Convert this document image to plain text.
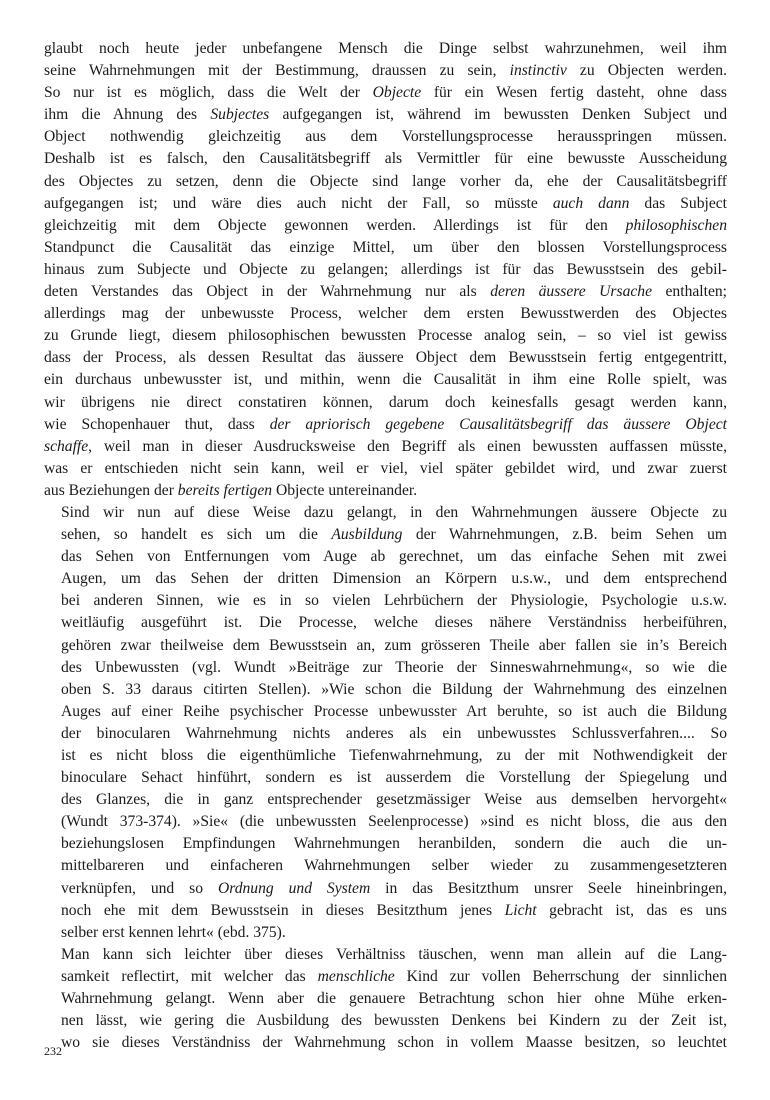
glaubt noch heute jeder unbefangene Mensch die Dinge selbst wahrzunehmen, weil ihm
seine Wahrnehmungen mit der Bestimmung, draussen zu sein, instinctiv zu Objecten werden.
So nur ist es möglich, dass die Welt der Objecte für ein Wesen fertig dasteht, ohne dass
ihm die Ahnung des Subjectes aufgegangen ist, während im bewussten Denken Subject und
Object nothwendig gleichzeitig aus dem Vorstellungsprocesse herausspringen müssen.
Deshalb ist es falsch, den Causalitätsbegriff als Vermittler für eine bewusste Ausscheidung
des Objectes zu setzen, denn die Objecte sind lange vorher da, ehe der Causalitätsbegriff
aufgegangen ist; und wäre dies auch nicht der Fall, so müsste auch dann das Subject
gleichzeitig mit dem Objecte gewonnen werden. Allerdings ist für den philosophischen
Standpunct die Causalität das einzige Mittel, um über den blossen Vorstellungsprocess
hinaus zum Subjecte und Objecte zu gelangen; allerdings ist für das Bewusstsein des gebil-
deten Verstandes das Object in der Wahrnehmung nur als deren äussere Ursache enthalten;
allerdings mag der unbewusste Process, welcher dem ersten Bewusstwerden des Objectes
zu Grunde liegt, diesem philosophischen bewussten Processe analog sein, – so viel ist gewiss
dass der Process, als dessen Resultat das äussere Object dem Bewusstsein fertig entgegentritt,
ein durchaus unbewusster ist, und mithin, wenn die Causalität in ihm eine Rolle spielt, was
wir übrigens nie direct constatiren können, darum doch keinesfalls gesagt werden kann,
wie Schopenhauer thut, dass der apriorisch gegebene Causalitätsbegriff das äussere Object
schaffe, weil man in dieser Ausdrucksweise den Begriff als einen bewussten auffassen müsste,
was er entschieden nicht sein kann, weil er viel, viel später gebildet wird, und zwar zuerst
aus Beziehungen der bereits fertigen Objecte untereinander.
Sind wir nun auf diese Weise dazu gelangt, in den Wahrnehmungen äussere Objecte zu
sehen, so handelt es sich um die Ausbildung der Wahrnehmungen, z.B. beim Sehen um
das Sehen von Entfernungen vom Auge ab gerechnet, um das einfache Sehen mit zwei
Augen, um das Sehen der dritten Dimension an Körpern u.s.w., und dem entsprechend
bei anderen Sinnen, wie es in so vielen Lehrbüchern der Physiologie, Psychologie u.s.w.
weitläufig ausgeführt ist. Die Processe, welche dieses nähere Verständniss herbeiführen,
gehören zwar theilweise dem Bewusstsein an, zum grösseren Theile aber fallen sie in’s Bereich
des Unbewussten (vgl. Wundt »Beiträge zur Theorie der Sinneswahrnehmung«, so wie die
oben S. 33 daraus citirten Stellen). »Wie schon die Bildung der Wahrnehmung des einzelnen
Auges auf einer Reihe psychischer Processe unbewusster Art beruhte, so ist auch die Bildung
der binocularen Wahrnehmung nichts anderes als ein unbewusstes Schlussverfahren.... So
ist es nicht bloss die eigenthümliche Tiefenwahrnehmung, zu der mit Nothwendigkeit der
binoculare Sehact hinführt, sondern es ist ausserdem die Vorstellung der Spiegelung und
des Glanzes, die in ganz entsprechender gesetzmässiger Weise aus demselben hervorgeht«
(Wundt 373-374). »Sie« (die unbewussten Seelenprocesse) »sind es nicht bloss, die aus den
beziehungslosen Empfindungen Wahrnehmungen heranbilden, sondern die auch die un-
mittelbareren und einfacheren Wahrnehmungen selber wieder zu zusammengesetzteren
verknüpfen, und so Ordnung und System in das Besitzthum unsrer Seele hineinbringen,
noch ehe mit dem Bewusstsein in dieses Besitzthum jenes Licht gebracht ist, das es uns
selber erst kennen lehrt« (ebd. 375).
Man kann sich leichter über dieses Verhältniss täuschen, wenn man allein auf die Lang-
samkeit reflectirt, mit welcher das menschliche Kind zur vollen Beherrschung der sinnlichen
Wahrnehmung gelangt. Wenn aber die genauere Betrachtung schon hier ohne Mühe erken-
nen lässt, wie gering die Ausbildung des bewussten Denkens bei Kindern zu der Zeit ist,
wo sie dieses Verständniss der Wahrnehmung schon in vollem Maasse besitzen, so leuchtet
232
